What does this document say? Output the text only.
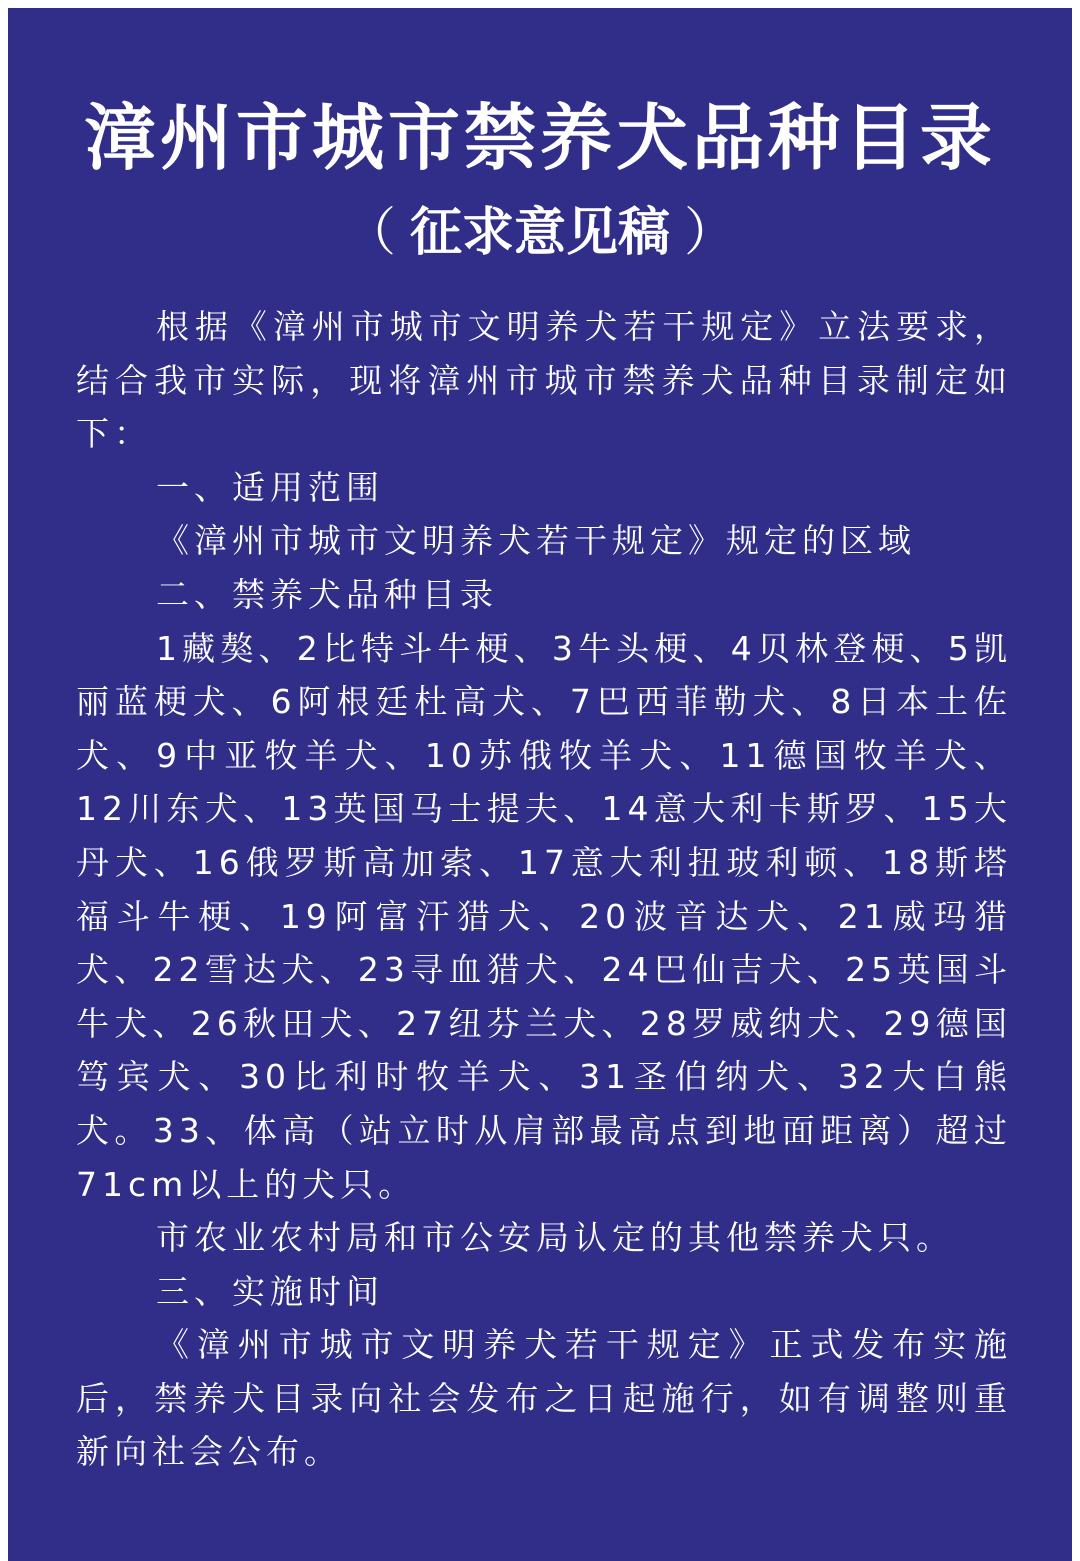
漳州市城市禁养犬品种目录
（ 征求意见稿 ）

根据《漳州市城市文明养犬若干规定》立法要求，结合我市实际，现将漳州市城市禁养犬品种目录制定如下：

一、适用范围

《漳州市城市文明养犬若干规定》规定的区域

二、禁养犬品种目录

1藏獒、2比特斗牛梗、3牛头梗、4贝林登梗、5凯丽蓝梗犬、6阿根廷杜高犬、7巴西菲勒犬、8日本土佐犬、9中亚牧羊犬、10苏俄牧羊犬、11德国牧羊犬、12川东犬、13英国马士提夫、14意大利卡斯罗、15大丹犬、16俄罗斯高加索、17意大利扭玻利顿、18斯塔福斗牛梗、19阿富汗猎犬、20波音达犬、21威玛猎犬、22雪达犬、23寻血猎犬、24巴仙吉犬、25英国斗牛犬、26秋田犬、27纽芬兰犬、28罗威纳犬、29德国笃宾犬、30比利时牧羊犬、31圣伯纳犬、32大白熊犬。33、体高（站立时从肩部最高点到地面距离）超过71cm以上的犬只。

市农业农村局和市公安局认定的其他禁养犬只。

三、实施时间

《漳州市城市文明养犬若干规定》正式发布实施后，禁养犬目录向社会发布之日起施行，如有调整则重新向社会公布。
